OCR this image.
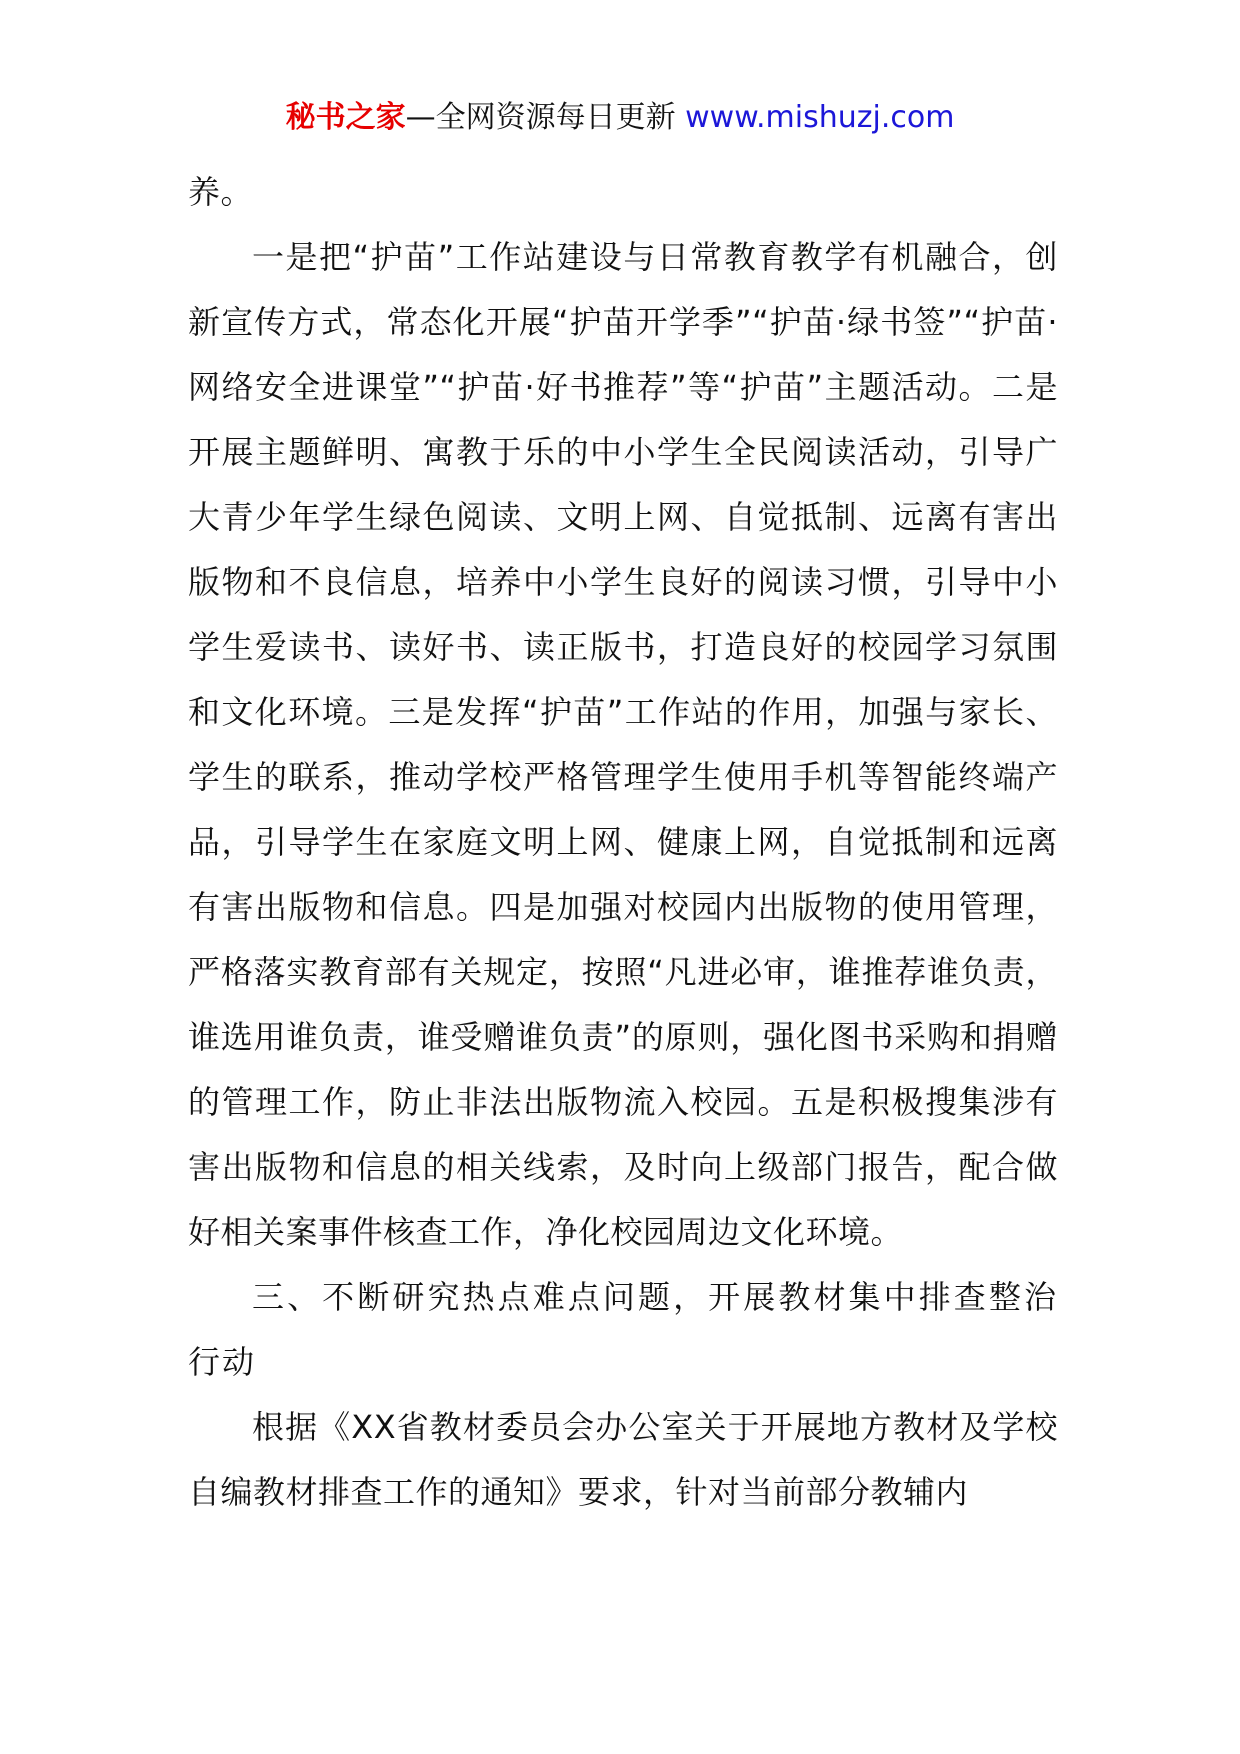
秘书之家—全网资源每日更新 www.mishuzj.com

养。

一是把“护苗”工作站建设与日常教育教学有机融合，创新宣传方式，常态化开展“护苗开学季”“护苗·绿书签”“护苗·网络安全进课堂”“护苗·好书推荐”等“护苗”主题活动。二是开展主题鲜明、寓教于乐的中小学生全民阅读活动，引导广大青少年学生绿色阅读、文明上网、自觉抵制、远离有害出版物和不良信息，培养中小学生良好的阅读习惯，引导中小学生爱读书、读好书、读正版书，打造良好的校园学习氛围和文化环境。三是发挥“护苗”工作站的作用，加强与家长、学生的联系，推动学校严格管理学生使用手机等智能终端产品，引导学生在家庭文明上网、健康上网，自觉抵制和远离有害出版物和信息。四是加强对校园内出版物的使用管理，严格落实教育部有关规定，按照“凡进必审，谁推荐谁负责，谁选用谁负责，谁受赠谁负责”的原则，强化图书采购和捐赠的管理工作，防止非法出版物流入校园。五是积极搜集涉有害出版物和信息的相关线索，及时向上级部门报告，配合做好相关案事件核查工作，净化校园周边文化环境。

三、不断研究热点难点问题，开展教材集中排查整治行动

根据《XX省教材委员会办公室关于开展地方教材及学校自编教材排查工作的通知》要求，针对当前部分教辅内
